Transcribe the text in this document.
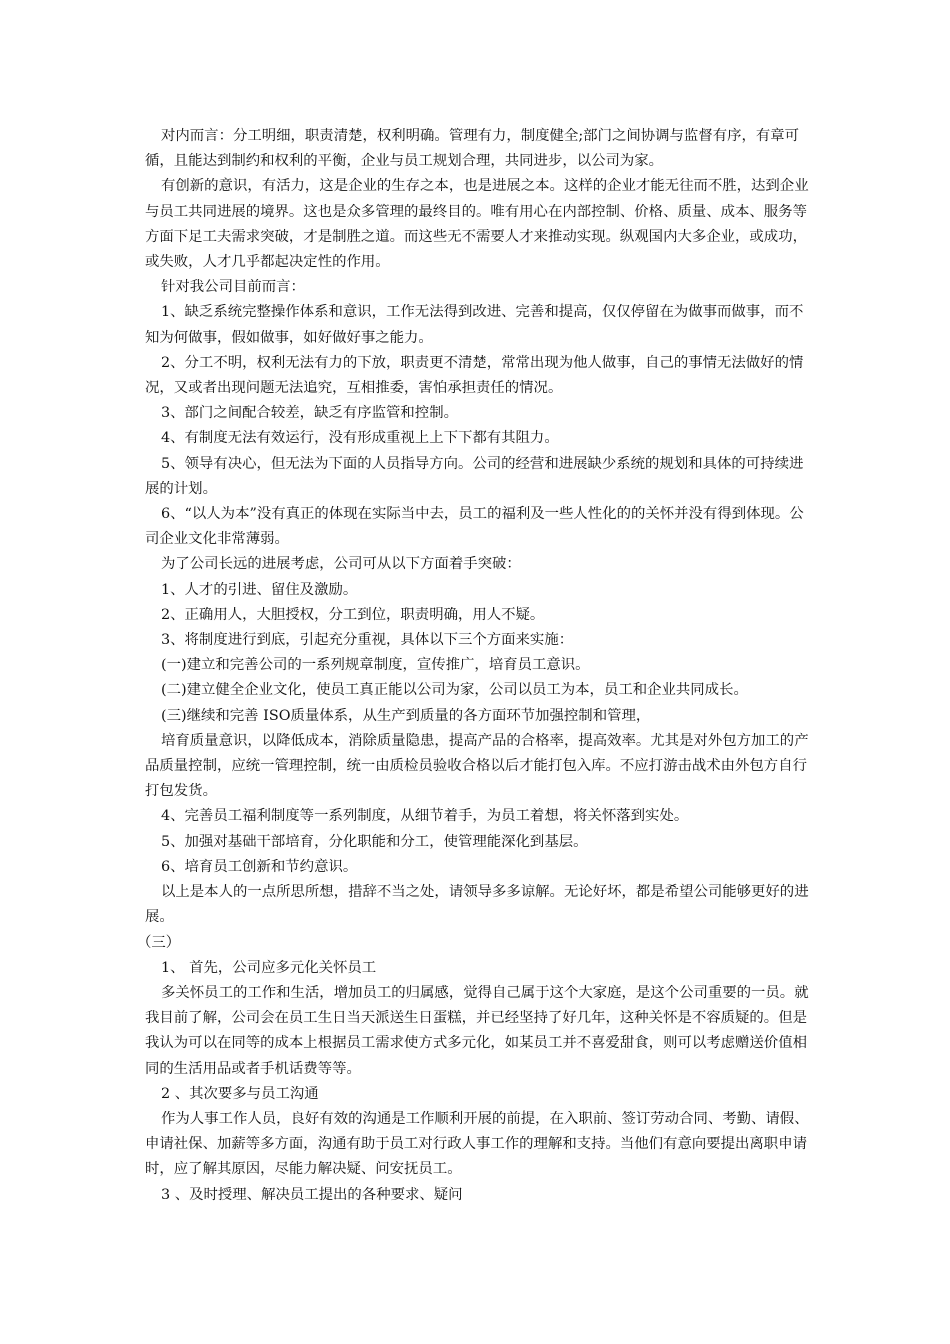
对内而言：分工明细，职责清楚，权利明确。管理有力，制度健全;部门之间协调与监督有序，有章可循，且能达到制约和权利的平衡，企业与员工规划合理，共同进步，以公司为家。

有创新的意识，有活力，这是企业的生存之本，也是进展之本。这样的企业才能无往而不胜，达到企业与员工共同进展的境界。这也是众多管理的最终目的。唯有用心在内部控制、价格、质量、成本、服务等方面下足工夫需求突破，才是制胜之道。而这些无不需要人才来推动实现。纵观国内大多企业，或成功，或失败，人才几乎都起决定性的作用。

针对我公司目前而言：

1、缺乏系统完整操作体系和意识，工作无法得到改进、完善和提高，仅仅停留在为做事而做事，而不知为何做事，假如做事，如好做好事之能力。

2、分工不明，权利无法有力的下放，职责更不清楚，常常出现为他人做事，自己的事情无法做好的情况，又或者出现问题无法追究，互相推委，害怕承担责任的情况。

3、部门之间配合较差，缺乏有序监管和控制。

4、有制度无法有效运行，没有形成重视上上下下都有其阻力。

5、领导有决心，但无法为下面的人员指导方向。公司的经营和进展缺少系统的规划和具体的可持续进展的计划。

6、“以人为本”没有真正的体现在实际当中去，员工的福利及一些人性化的的关怀并没有得到体现。公司企业文化非常薄弱。

为了公司长远的进展考虑，公司可从以下方面着手突破：

1、人才的引进、留住及激励。

2、正确用人，大胆授权，分工到位，职责明确，用人不疑。

3、将制度进行到底，引起充分重视，具体以下三个方面来实施：

(一)建立和完善公司的一系列规章制度，宣传推广，培育员工意识。

(二)建立健全企业文化，使员工真正能以公司为家，公司以员工为本，员工和企业共同成长。

(三)继续和完善 ISO质量体系，从生产到质量的各方面环节加强控制和管理，

培育质量意识，以降低成本，消除质量隐患，提高产品的合格率，提高效率。尤其是对外包方加工的产品质量控制，应统一管理控制，统一由质检员验收合格以后才能打包入库。不应打游击战术由外包方自行打包发货。

4、完善员工福利制度等一系列制度，从细节着手，为员工着想，将关怀落到实处。

5、加强对基础干部培育，分化职能和分工，使管理能深化到基层。

6、培育员工创新和节约意识。

以上是本人的一点所思所想，措辞不当之处，请领导多多谅解。无论好坏，都是希望公司能够更好的进展。

（三）

1、 首先，公司应多元化关怀员工

多关怀员工的工作和生活，增加员工的归属感，觉得自己属于这个大家庭，是这个公司重要的一员。就我目前了解，公司会在员工生日当天派送生日蛋糕，并已经坚持了好几年，这种关怀是不容质疑的。但是我认为可以在同等的成本上根据员工需求使方式多元化，如某员工并不喜爱甜食，则可以考虑赠送价值相同的生活用品或者手机话费等等。

2 、其次要多与员工沟通

作为人事工作人员，良好有效的沟通是工作顺利开展的前提，在入职前、签订劳动合同、考勤、请假、申请社保、加薪等多方面，沟通有助于员工对行政人事工作的理解和支持。当他们有意向要提出离职申请时，应了解其原因，尽能力解决疑、问安抚员工。

3 、及时授理、解决员工提出的各种要求、疑问
